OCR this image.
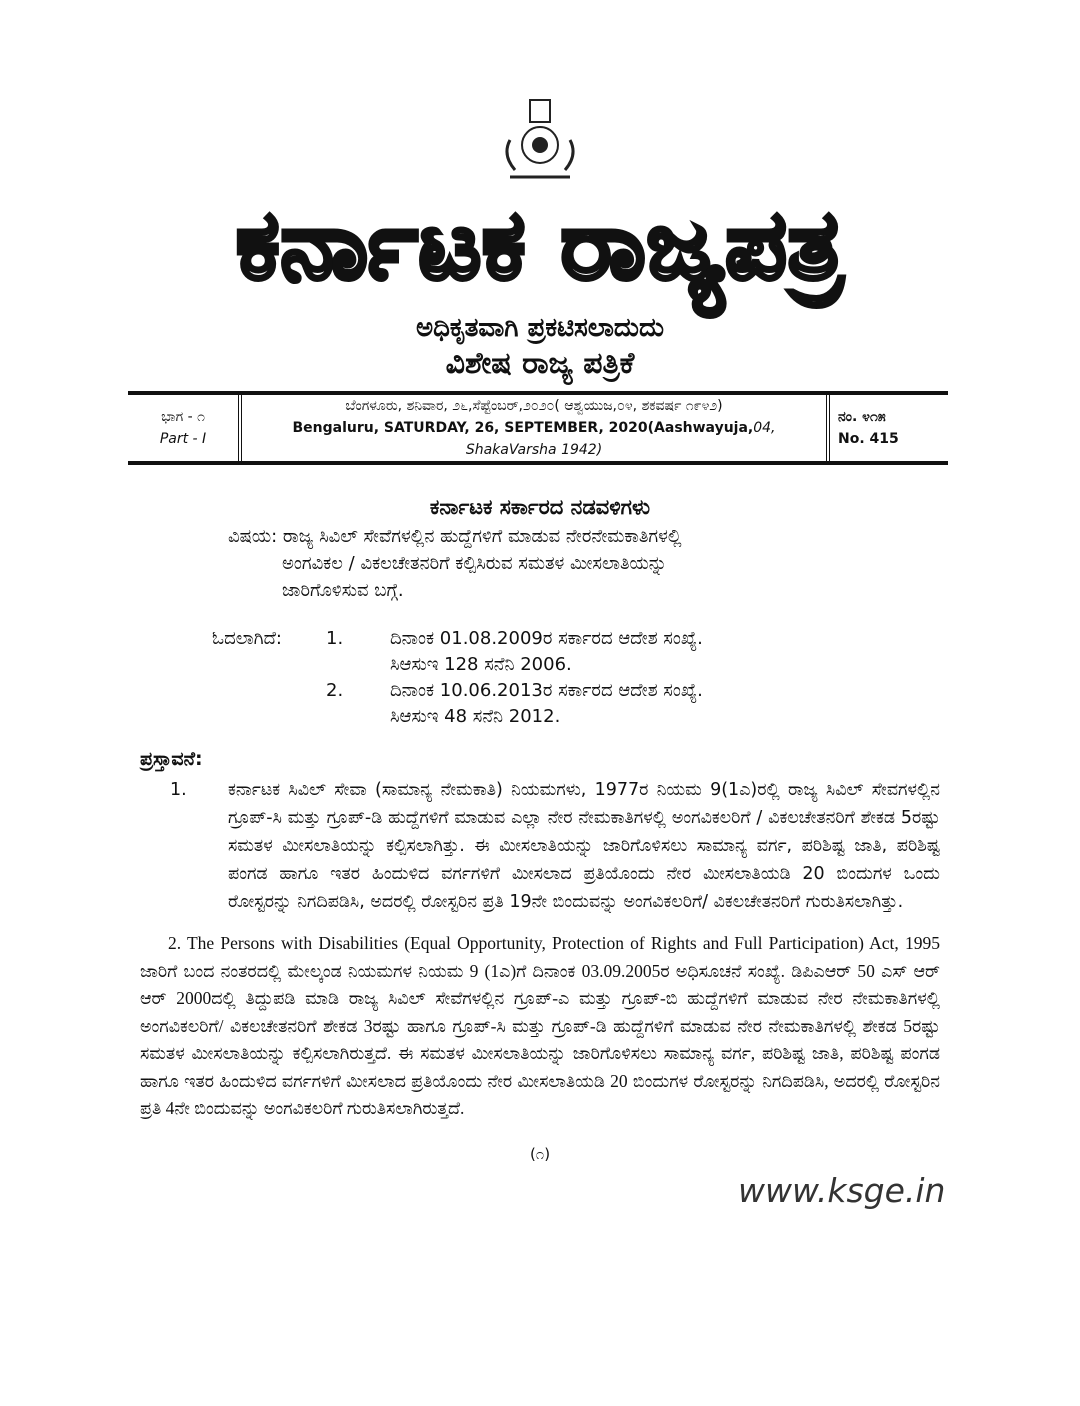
ಕರ್ನಾಟಕ ರಾಜ್ಯಪತ್ರ
ಅಧಿಕೃತವಾಗಿ ಪ್ರಕಟಿಸಲಾದುದು
ವಿಶೇಷ ರಾಜ್ಯ ಪತ್ರಿಕೆ
ಭಾಗ - ೧
Part - I
ಬೆಂಗಳೂರು, ಶನಿವಾರ, ೨೬,ಸೆಪ್ಟೆಂಬರ್,೨೦೨೦( ಆಶ್ವಯುಜ,೦೪, ಶಕವರ್ಷ ೧೯೪೨)
Bengaluru, SATURDAY, 26, SEPTEMBER, 2020(Aashwayuja,04, ShakaVarsha 1942)
ನಂ. ೪೧೫
No. 415
ಕರ್ನಾಟಕ ಸರ್ಕಾರದ ನಡವಳಿಗಳು
ವಿಷಯ: ರಾಜ್ಯ ಸಿವಿಲ್ ಸೇವೆಗಳಲ್ಲಿನ ಹುದ್ದೆಗಳಿಗೆ ಮಾಡುವ ನೇರನೇಮಕಾತಿಗಳಲ್ಲಿ
ಅಂಗವಿಕಲ / ವಿಕಲಚೇತನರಿಗೆ ಕಲ್ಪಿಸಿರುವ ಸಮತಳ ಮೀಸಲಾತಿಯನ್ನು
ಜಾರಿಗೊಳಿಸುವ ಬಗ್ಗೆ.
ಓದಲಾಗಿದೆ:	1.	ದಿನಾಂಕ 01.08.2009ರ ಸರ್ಕಾರದ ಆದೇಶ ಸಂಖ್ಯೆ.
ಸಿಆಸುಇ 128 ಸನೆನಿ 2006.
2.	ದಿನಾಂಕ 10.06.2013ರ ಸರ್ಕಾರದ ಆದೇಶ ಸಂಖ್ಯೆ.
ಸಿಆಸುಇ 48 ಸನೆನಿ 2012.
ಪ್ರಸ್ತಾವನೆ:
1.	ಕರ್ನಾಟಕ ಸಿವಿಲ್ ಸೇವಾ (ಸಾಮಾನ್ಯ ನೇಮಕಾತಿ) ನಿಯಮಗಳು, 1977ರ ನಿಯಮ 9(1ಎ)ರಲ್ಲಿ ರಾಜ್ಯ ಸಿವಿಲ್ ಸೇವಗಳಲ್ಲಿನ ಗ್ರೂಪ್-ಸಿ ಮತ್ತು ಗ್ರೂಪ್-ಡಿ ಹುದ್ದೆಗಳಿಗೆ ಮಾಡುವ ಎಲ್ಲಾ ನೇರ ನೇಮಕಾತಿಗಳಲ್ಲಿ ಅಂಗವಿಕಲರಿಗೆ / ವಿಕಲಚೇತನರಿಗೆ ಶೇಕಡ 5ರಷ್ಟು ಸಮತಳ ಮೀಸಲಾತಿಯನ್ನು ಕಲ್ಪಿಸಲಾಗಿತ್ತು. ಈ ಮೀಸಲಾತಿಯನ್ನು ಜಾರಿಗೊಳಿಸಲು ಸಾಮಾನ್ಯ ವರ್ಗ, ಪರಿಶಿಷ್ಟ ಜಾತಿ, ಪರಿಶಿಷ್ಟ ಪಂಗಡ ಹಾಗೂ ಇತರ ಹಿಂದುಳಿದ ವರ್ಗಗಳಿಗೆ ಮೀಸಲಾದ ಪ್ರತಿಯೊಂದು ನೇರ ಮೀಸಲಾತಿಯಡಿ 20 ಬಿಂದುಗಳ ಒಂದು ರೋಸ್ಟರನ್ನು ನಿಗದಿಪಡಿಸಿ, ಅದರಲ್ಲಿ ರೋಸ್ಟರಿನ ಪ್ರತಿ 19ನೇ ಬಿಂದುವನ್ನು ಅಂಗವಿಕಲರಿಗೆ/ ವಿಕಲಚೇತನರಿಗೆ ಗುರುತಿಸಲಾಗಿತ್ತು.
2. The Persons with Disabilities (Equal Opportunity, Protection of Rights and Full Participation) Act, 1995 ಜಾರಿಗೆ ಬಂದ ನಂತರದಲ್ಲಿ ಮೇಲ್ಕಂಡ ನಿಯಮಗಳ ನಿಯಮ 9 (1ಎ)ಗೆ ದಿನಾಂಕ 03.09.2005ರ ಅಧಿಸೂಚನೆ ಸಂಖ್ಯೆ. ಡಿಪಿಎಆರ್ 50 ಎಸ್ ಆರ್ ಆರ್ 2000ದಲ್ಲಿ ತಿದ್ದುಪಡಿ ಮಾಡಿ ರಾಜ್ಯ ಸಿವಿಲ್ ಸೇವೆಗಳಲ್ಲಿನ ಗ್ರೂಪ್-ಎ ಮತ್ತು ಗ್ರೂಪ್-ಬಿ ಹುದ್ದೆಗಳಿಗೆ ಮಾಡುವ ನೇರ ನೇಮಕಾತಿಗಳಲ್ಲಿ ಅಂಗವಿಕಲರಿಗೆ/ ವಿಕಲಚೇತನರಿಗೆ ಶೇಕಡ 3ರಷ್ಟು ಹಾಗೂ ಗ್ರೂಪ್-ಸಿ ಮತ್ತು ಗ್ರೂಪ್-ಡಿ ಹುದ್ದೆಗಳಿಗೆ ಮಾಡುವ ನೇರ ನೇಮಕಾತಿಗಳಲ್ಲಿ ಶೇಕಡ 5ರಷ್ಟು ಸಮತಳ ಮೀಸಲಾತಿಯನ್ನು ಕಲ್ಪಿಸಲಾಗಿರುತ್ತದೆ. ಈ ಸಮತಳ ಮೀಸಲಾತಿಯನ್ನು ಜಾರಿಗೊಳಿಸಲು ಸಾಮಾನ್ಯ ವರ್ಗ, ಪರಿಶಿಷ್ಟ ಜಾತಿ, ಪರಿಶಿಷ್ಟ ಪಂಗಡ ಹಾಗೂ ಇತರ ಹಿಂದುಳಿದ ವರ್ಗಗಳಿಗೆ ಮೀಸಲಾದ ಪ್ರತಿಯೊಂದು ನೇರ ಮೀಸಲಾತಿಯಡಿ 20 ಬಿಂದುಗಳ ರೋಸ್ಟರನ್ನು ನಿಗದಿಪಡಿಸಿ, ಅದರಲ್ಲಿ ರೋಸ್ಟರಿನ ಪ್ರತಿ 4ನೇ ಬಿಂದುವನ್ನು ಅಂಗವಿಕಲರಿಗೆ ಗುರುತಿಸಲಾಗಿರುತ್ತದೆ.
(೧)
www.ksge.in
